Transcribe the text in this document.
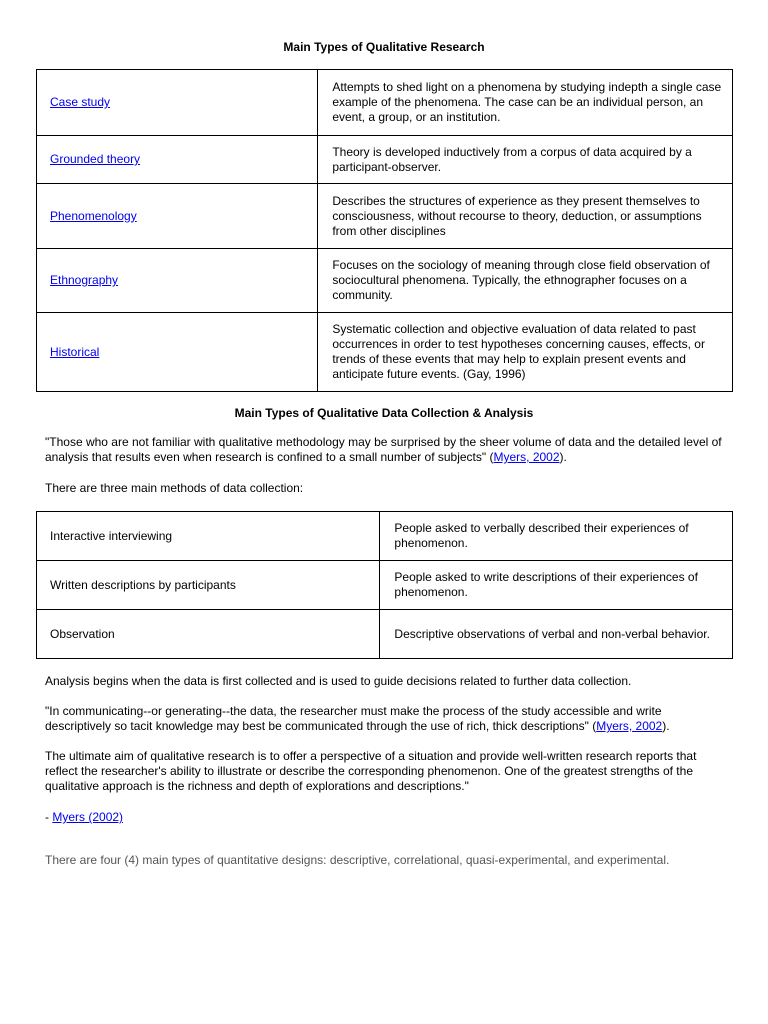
Main Types of Qualitative Research
Case study	Attempts to shed light on a phenomena by studying indepth a single case example of the phenomena. The case can be an individual person, an event, a group, or an institution.
Grounded theory	Theory is developed inductively from a corpus of data acquired by a participant-observer.
Phenomenology	Describes the structures of experience as they present themselves to consciousness, without recourse to theory, deduction, or assumptions from other disciplines
Ethnography	Focuses on the sociology of meaning through close field observation of sociocultural phenomena. Typically, the ethnographer focuses on a community.
Historical	Systematic collection and objective evaluation of data related to past occurrences in order to test hypotheses concerning causes, effects, or trends of these events that may help to explain present events and anticipate future events. (Gay, 1996)
Main Types of Qualitative Data Collection & Analysis

"Those who are not familiar with qualitative methodology may be surprised by the sheer volume of data and the detailed level of analysis that results even when research is confined to a small number of subjects" (Myers, 2002).

There are three main methods of data collection:

Interactive interviewing	People asked to verbally described their experiences of phenomenon.
Written descriptions by participants	People asked to write descriptions of their experiences of phenomenon.
Observation	Descriptive observations of verbal and non-verbal behavior.

Analysis begins when the data is first collected and is used to guide decisions related to further data collection.

"In communicating--or generating--the data, the researcher must make the process of the study accessible and write descriptively so tacit knowledge may best be communicated through the use of rich, thick descriptions" (Myers, 2002).

The ultimate aim of qualitative research is to offer a perspective of a situation and provide well-written research reports that reflect the researcher's ability to illustrate or describe the corresponding phenomenon. One of the greatest strengths of the qualitative approach is the richness and depth of explorations and descriptions."

- Myers (2002)

There are four (4) main types of quantitative designs: descriptive, correlational, quasi-experimental, and experimental.
